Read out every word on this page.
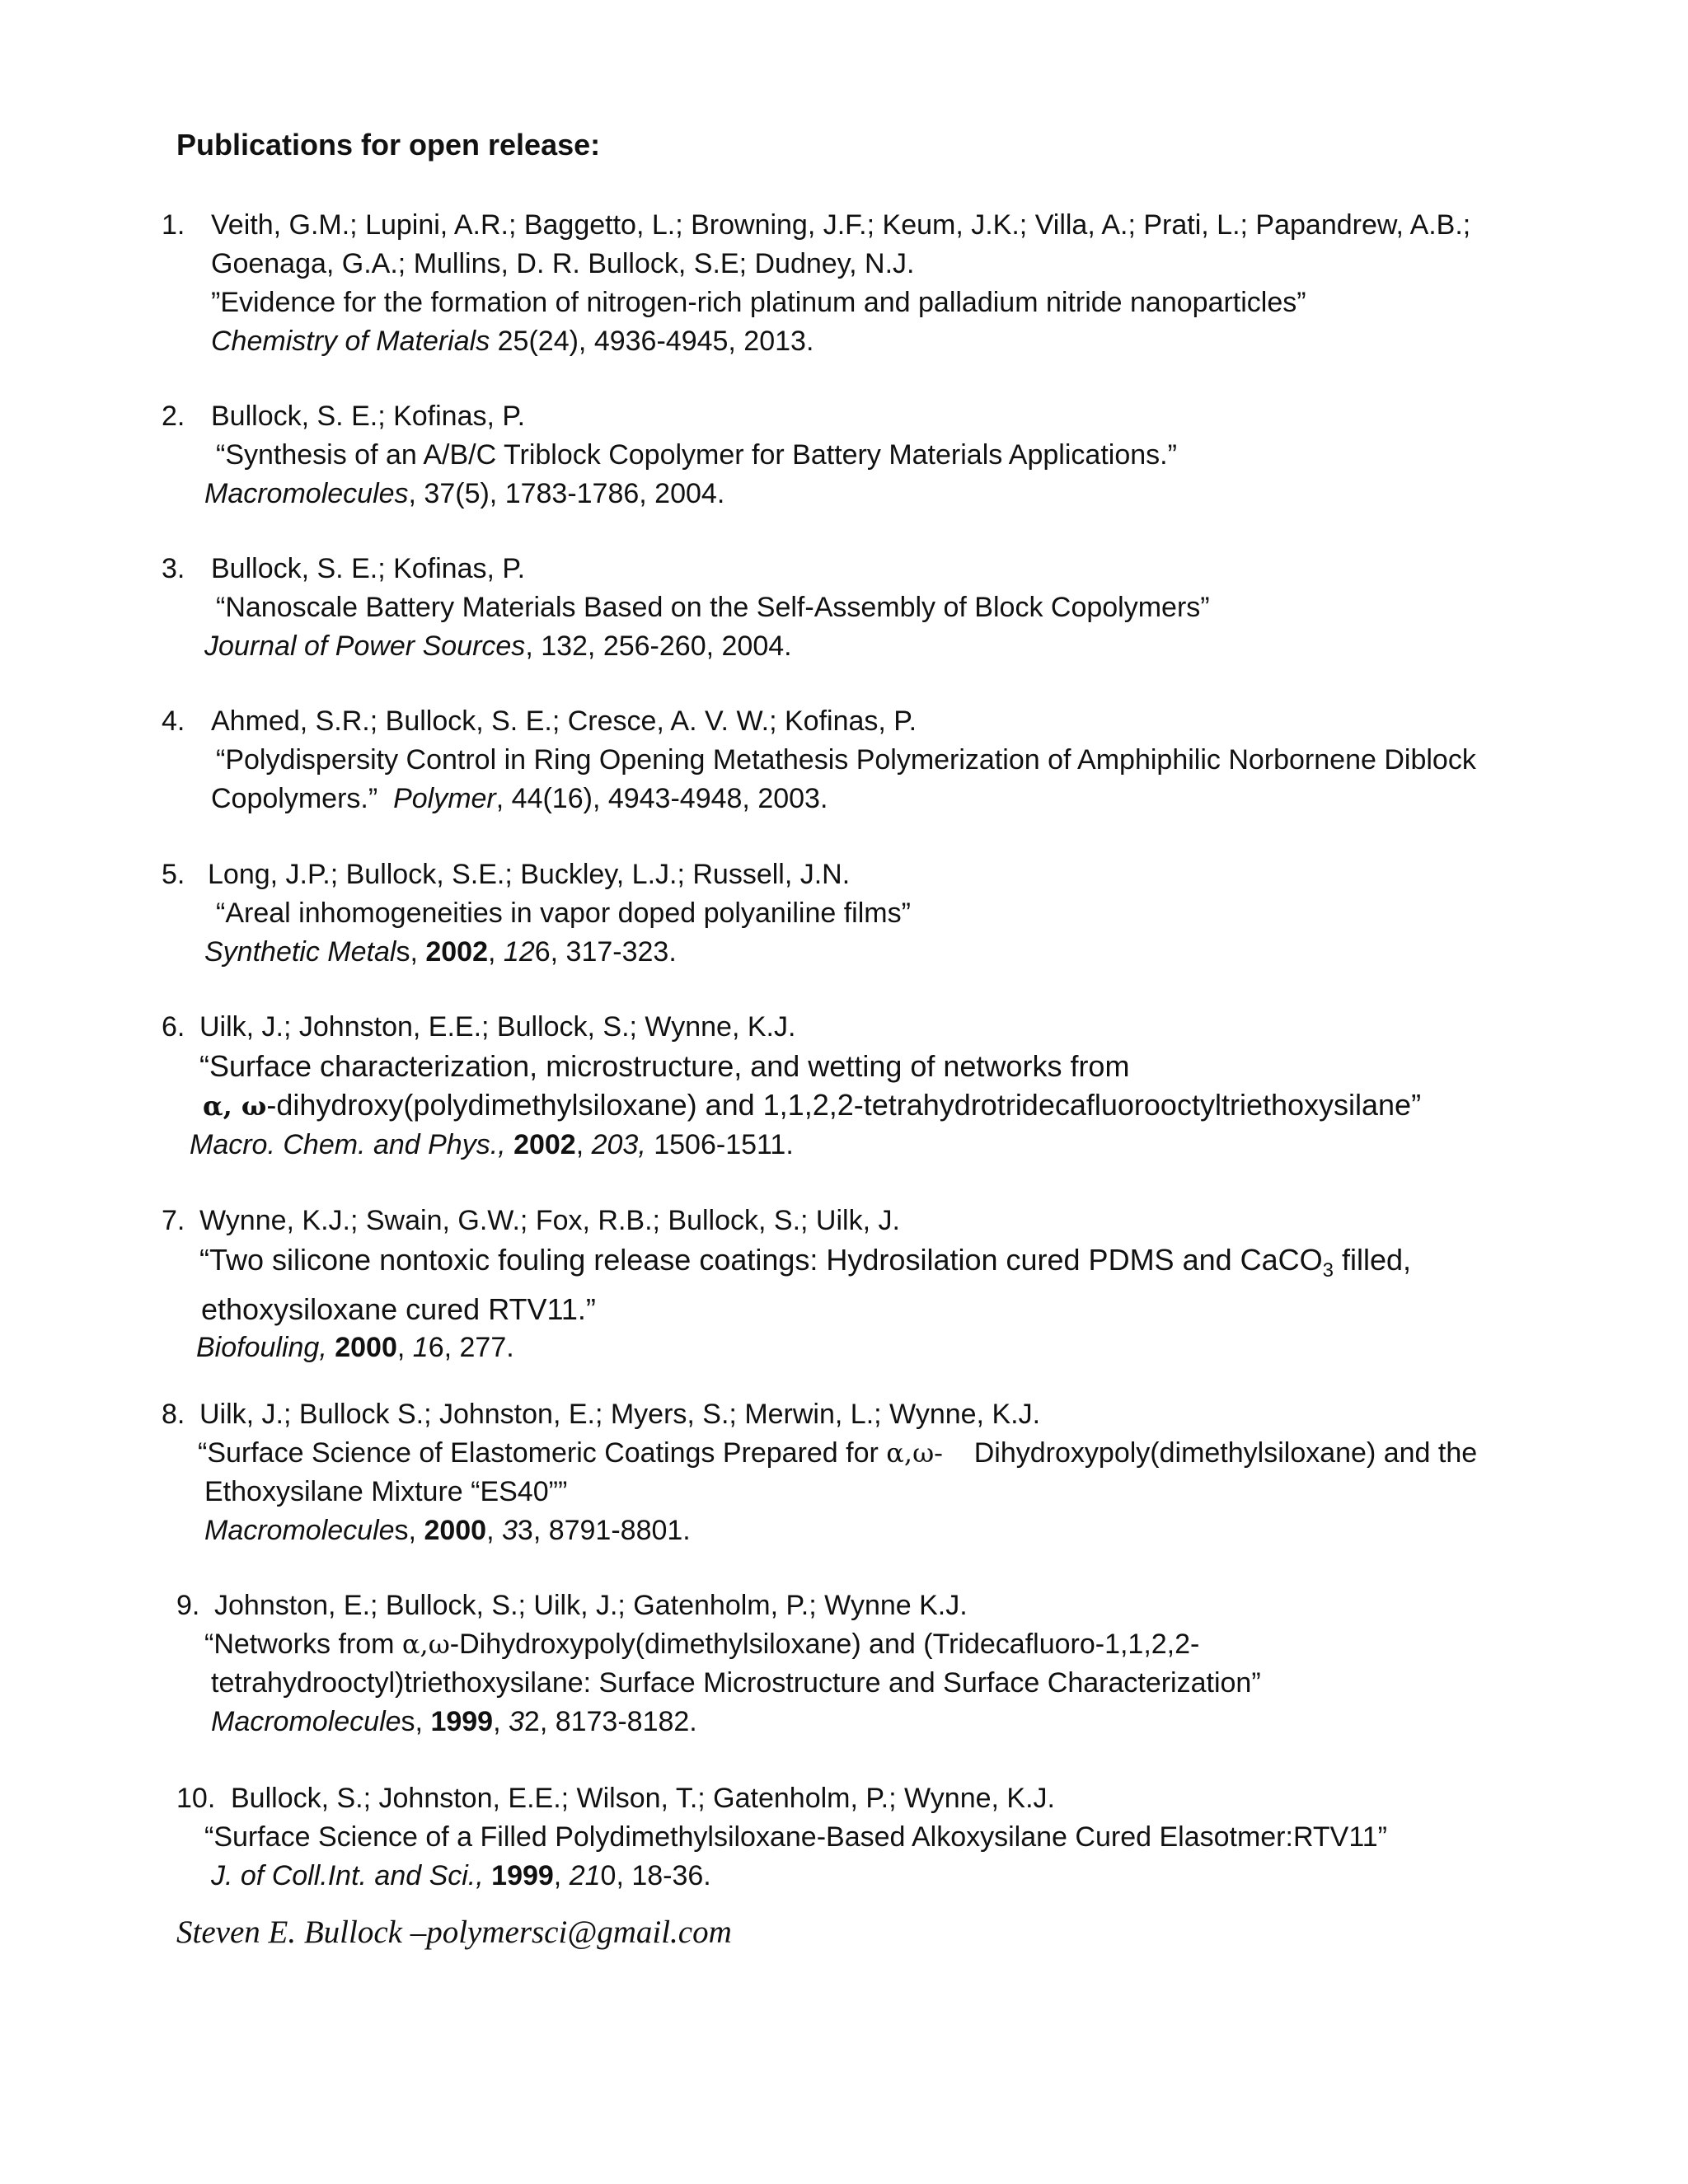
Publications for open release:
1. Veith, G.M.; Lupini, A.R.; Baggetto, L.; Browning, J.F.; Keum, J.K.; Villa, A.; Prati, L.; Papandrew, A.B.;
Goenaga, G.A.; Mullins, D. R. Bullock, S.E; Dudney, N.J.
”Evidence for the formation of nitrogen-rich platinum and palladium nitride nanoparticles”
Chemistry of Materials 25(24), 4936-4945, 2013.
2. Bullock, S. E.; Kofinas, P.
“Synthesis of an A/B/C Triblock Copolymer for Battery Materials Applications.”
Macromolecules, 37(5), 1783-1786, 2004.
3. Bullock, S. E.; Kofinas, P.
“Nanoscale Battery Materials Based on the Self-Assembly of Block Copolymers”
Journal of Power Sources, 132, 256-260, 2004.
4. Ahmed, S.R.; Bullock, S. E.; Cresce, A. V. W.; Kofinas, P.
“Polydispersity Control in Ring Opening Metathesis Polymerization of Amphiphilic Norbornene Diblock
Copolymers.”  Polymer, 44(16), 4943-4948, 2003.
5. Long, J.P.; Bullock, S.E.; Buckley, L.J.; Russell, J.N.
“Areal inhomogeneities in vapor doped polyaniline films”
Synthetic Metals, 2002, 126, 317-323.
6. Uilk, J.; Johnston, E.E.; Bullock, S.; Wynne, K.J.
“Surface characterization, microstructure, and wetting of networks from
α, ω-dihydroxy(polydimethylsiloxane) and 1,1,2,2-tetrahydrotridecafluorooctyltriethoxysilane”
Macro. Chem. and Phys., 2002, 203, 1506-1511.
7. Wynne, K.J.; Swain, G.W.; Fox, R.B.; Bullock, S.; Uilk, J.
“Two silicone nontoxic fouling release coatings: Hydrosilation cured PDMS and CaCO$_3$ filled,
ethoxysiloxane cured RTV11.”
Biofouling, 2000, 16, 277.
8. Uilk, J.; Bullock S.; Johnston, E.; Myers, S.; Merwin, L.; Wynne, K.J.
“Surface Science of Elastomeric Coatings Prepared for α,ω-    Dihydroxypoly(dimethylsiloxane) and the
Ethoxysilane Mixture “ES40””
Macromolecules, 2000, 33, 8791-8801.
9. Johnston, E.; Bullock, S.; Uilk, J.; Gatenholm, P.; Wynne K.J.
“Networks from α,ω-Dihydroxypoly(dimethylsiloxane) and (Tridecafluoro-1,1,2,2-
tetrahydrooctyl)triethoxysilane: Surface Microstructure and Surface Characterization”
Macromolecules, 1999, 32, 8173-8182.
10. Bullock, S.; Johnston, E.E.; Wilson, T.; Gatenholm, P.; Wynne, K.J.
“Surface Science of a Filled Polydimethylsiloxane-Based Alkoxysilane Cured Elasotmer:RTV11”
J. of Coll.Int. and Sci., 1999, 210, 18-36.
Steven E. Bullock –polymersci@gmail.com
